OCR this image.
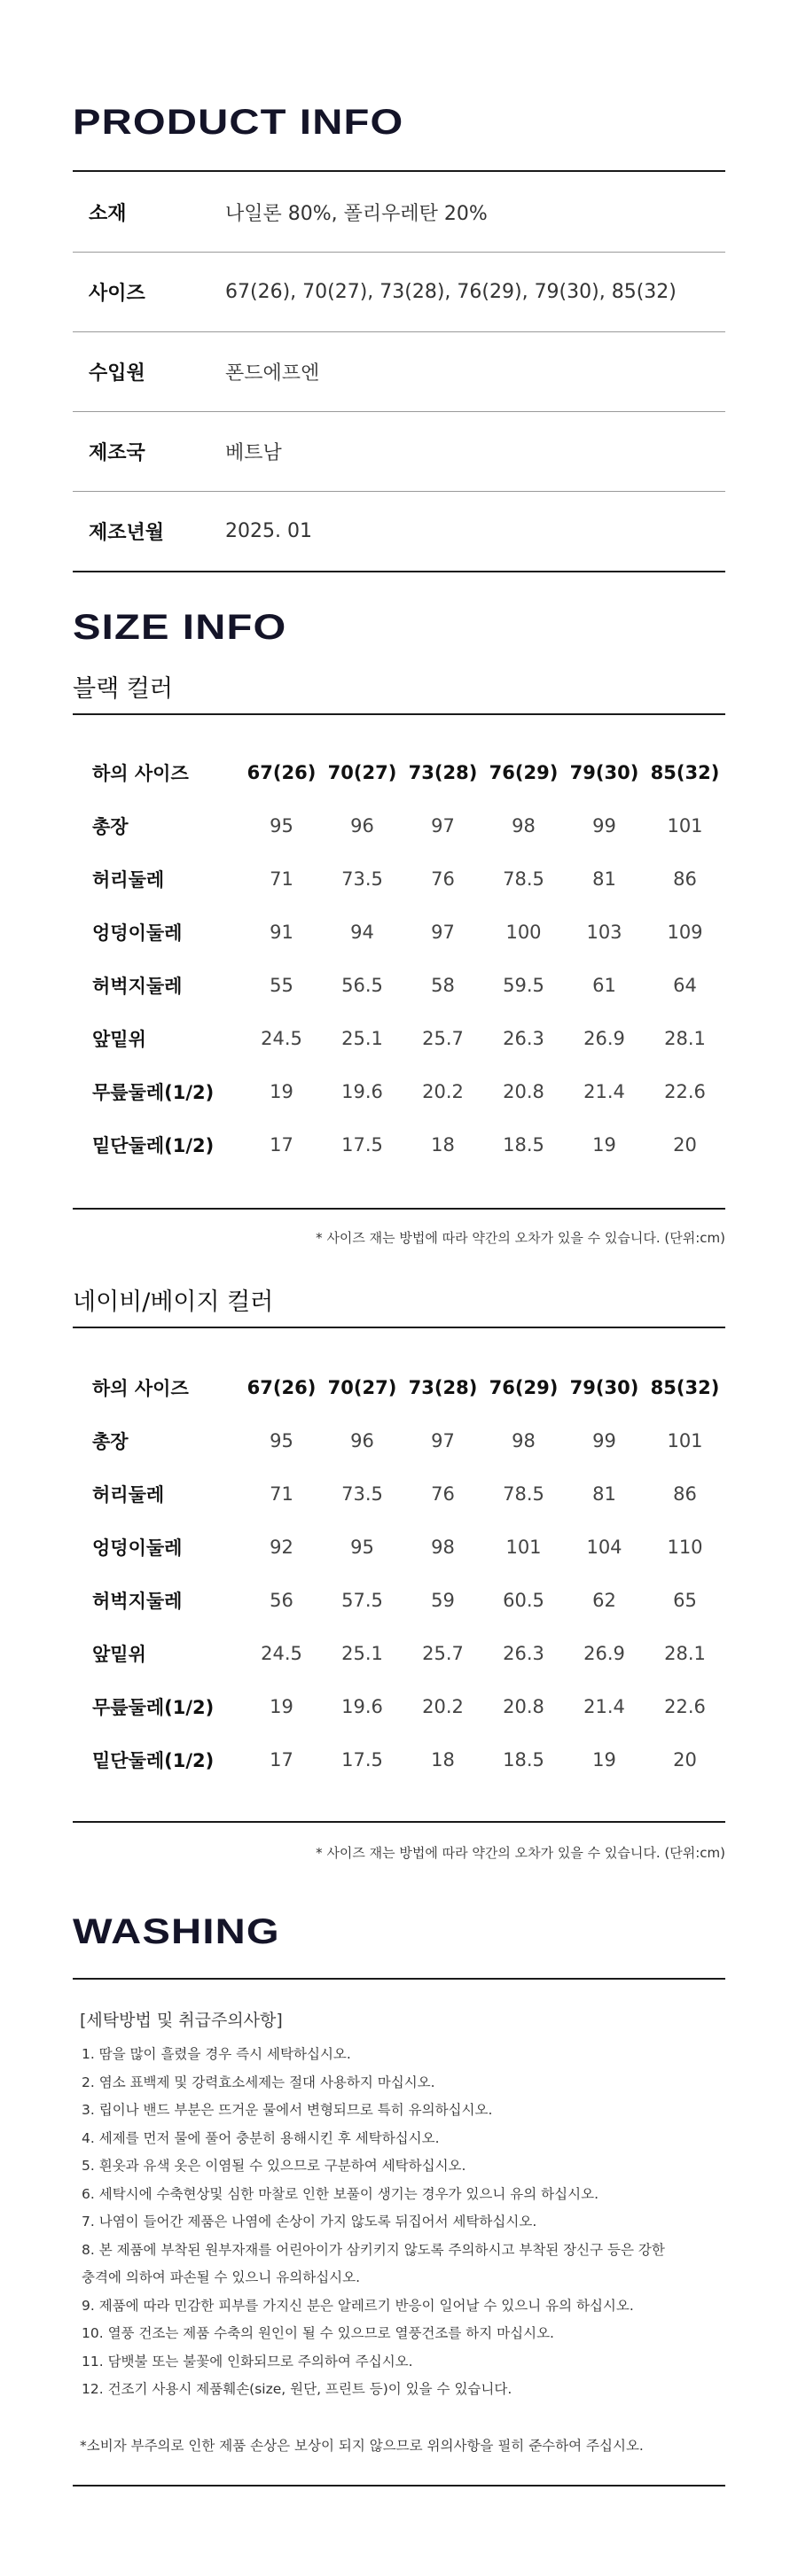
PRODUCT INFO
소재	나일론 80%, 폴리우레탄 20%
사이즈	67(26), 70(27), 73(28), 76(29), 79(30), 85(32)
수입원	폰드에프엔
제조국	베트남
제조년월	2025. 01
SIZE INFO
블랙 컬러
하의 사이즈	67(26)	70(27)	73(28)	76(29)	79(30)	85(32)
총장	95	96	97	98	99	101
허리둘레	71	73.5	76	78.5	81	86
엉덩이둘레	91	94	97	100	103	109
허벅지둘레	55	56.5	58	59.5	61	64
앞밑위	24.5	25.1	25.7	26.3	26.9	28.1
무릎둘레(1/2)	19	19.6	20.2	20.8	21.4	22.6
밑단둘레(1/2)	17	17.5	18	18.5	19	20
* 사이즈 재는 방법에 따라 약간의 오차가 있을 수 있습니다. (단위:cm)
네이비/베이지 컬러
하의 사이즈	67(26)	70(27)	73(28)	76(29)	79(30)	85(32)
총장	95	96	97	98	99	101
허리둘레	71	73.5	76	78.5	81	86
엉덩이둘레	92	95	98	101	104	110
허벅지둘레	56	57.5	59	60.5	62	65
앞밑위	24.5	25.1	25.7	26.3	26.9	28.1
무릎둘레(1/2)	19	19.6	20.2	20.8	21.4	22.6
밑단둘레(1/2)	17	17.5	18	18.5	19	20
* 사이즈 재는 방법에 따라 약간의 오차가 있을 수 있습니다. (단위:cm)
WASHING
[세탁방법 및 취급주의사항]
1. 땀을 많이 흘렸을 경우 즉시 세탁하십시오.
2. 염소 표백제 및 강력효소세제는 절대 사용하지 마십시오.
3. 립이나 밴드 부분은 뜨거운 물에서 변형되므로 특히 유의하십시오.
4. 세제를 먼저 물에 풀어 충분히 용해시킨 후 세탁하십시오.
5. 흰옷과 유색 옷은 이염될 수 있으므로 구분하여 세탁하십시오.
6. 세탁시에 수축현상및 심한 마찰로 인한 보풀이 생기는 경우가 있으니 유의 하십시오.
7. 나염이 들어간 제품은 나염에 손상이 가지 않도록 뒤집어서 세탁하십시오.
8. 본 제품에 부착된 원부자재를 어린아이가 삼키키지 않도록 주의하시고 부착된 장신구 등은 강한
충격에 의하여 파손될 수 있으니 유의하십시오.
9. 제품에 따라 민감한 피부를 가지신 분은 알레르기 반응이 일어날 수 있으니 유의 하십시오.
10. 열풍 건조는 제품 수축의 원인이 될 수 있으므로 열풍건조를 하지 마십시오.
11. 담뱃불 또는 불꽃에 인화되므로 주의하여 주십시오.
12. 건조기 사용시 제품훼손(size, 원단, 프린트 등)이 있을 수 있습니다.
*소비자 부주의로 인한 제품 손상은 보상이 되지 않으므로 위의사항을 필히 준수하여 주십시오.
